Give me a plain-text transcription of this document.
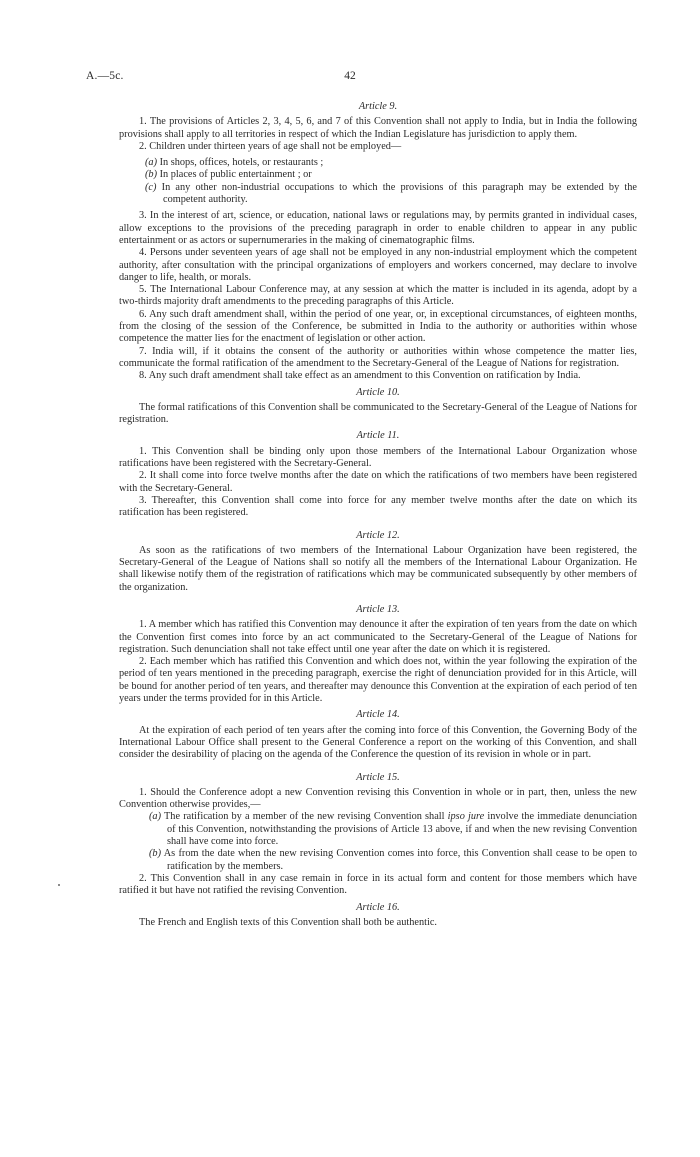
A.—5c.	42
Article 9.

1. The provisions of Articles 2, 3, 4, 5, 6, and 7 of this Convention shall not apply to India, but in India the following provisions shall apply to all territories in respect of which the Indian Legislature has jurisdiction to apply them.

2. Children under thirteen years of age shall not be employed—

(a) In shops, offices, hotels, or restaurants ;
(b) In places of public entertainment ; or
(c) In any other non-industrial occupations to which the provisions of this paragraph may be extended by the competent authority.

3. In the interest of art, science, or education, national laws or regulations may, by permits granted in individual cases, allow exceptions to the provisions of the preceding paragraph in order to enable children to appear in any public entertainment or as actors or supernumeraries in the making of cinematographic films.

4. Persons under seventeen years of age shall not be employed in any non-industrial employment which the competent authority, after consultation with the principal organizations of employers and workers concerned, may declare to involve danger to life, health, or morals.

5. The International Labour Conference may, at any session at which the matter is included in its agenda, adopt by a two-thirds majority draft amendments to the preceding paragraphs of this Article.

6. Any such draft amendment shall, within the period of one year, or, in exceptional circumstances, of eighteen months, from the closing of the session of the Conference, be submitted in India to the authority or authorities within whose competence the matter lies for the enactment of legislation or other action.

7. India will, if it obtains the consent of the authority or authorities within whose competence the matter lies, communicate the formal ratification of the amendment to the Secretary-General of the League of Nations for registration.

8. Any such draft amendment shall take effect as an amendment to this Convention on ratification by India.

Article 10.

The formal ratifications of this Convention shall be communicated to the Secretary-General of the League of Nations for registration.

Article 11.

1. This Convention shall be binding only upon those members of the International Labour Organization whose ratifications have been registered with the Secretary-General.

2. It shall come into force twelve months after the date on which the ratifications of two members have been registered with the Secretary-General.

3. Thereafter, this Convention shall come into force for any member twelve months after the date on which its ratification has been registered.

Article 12.

As soon as the ratifications of two members of the International Labour Organization have been registered, the Secretary-General of the League of Nations shall so notify all the members of the International Labour Organization. He shall likewise notify them of the registration of ratifications which may be communicated subsequently by other members of the organization.

Article 13.

1. A member which has ratified this Convention may denounce it after the expiration of ten years from the date on which the Convention first comes into force by an act communicated to the Secretary-General of the League of Nations for registration. Such denunciation shall not take effect until one year after the date on which it is registered.

2. Each member which has ratified this Convention and which does not, within the year following the expiration of the period of ten years mentioned in the preceding paragraph, exercise the right of denunciation provided for in this Article, will be bound for another period of ten years, and thereafter may denounce this Convention at the expiration of each period of ten years under the terms provided for in this Article.

Article 14.

At the expiration of each period of ten years after the coming into force of this Convention, the Governing Body of the International Labour Office shall present to the General Conference a report on the working of this Convention, and shall consider the desirability of placing on the agenda of the Conference the question of its revision in whole or in part.

Article 15.

1. Should the Conference adopt a new Convention revising this Convention in whole or in part, then, unless the new Convention otherwise provides,—

(a) The ratification by a member of the new revising Convention shall ipso jure involve the immediate denunciation of this Convention, notwithstanding the provisions of Article 13 above, if and when the new revising Convention shall have come into force.
(b) As from the date when the new revising Convention comes into force, this Convention shall cease to be open to ratification by the members.

2. This Convention shall in any case remain in force in its actual form and content for those members which have ratified it but have not ratified the revising Convention.

Article 16.

The French and English texts of this Convention shall both be authentic.
